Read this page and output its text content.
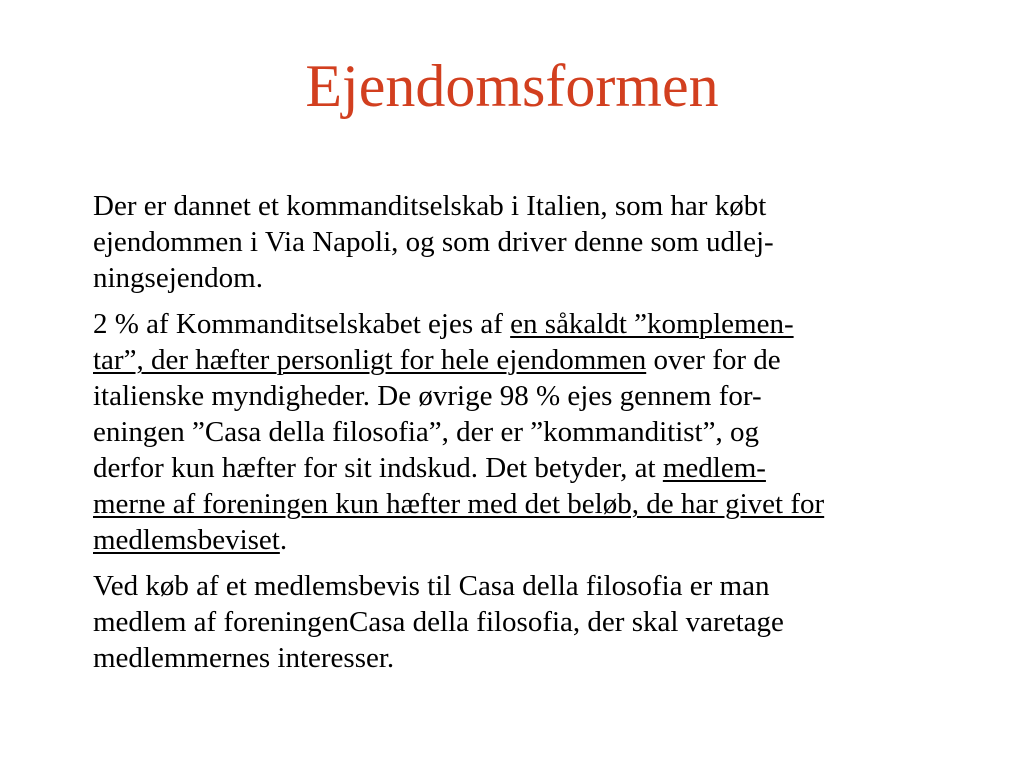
Ejendomsformen

Der er dannet et kommanditselskab i Italien, som har købt
ejendommen i Via Napoli, og som driver denne som udlej-
ningsejendom.

2 % af Kommanditselskabet ejes af en såkaldt ”komplemen-
tar”, der hæfter personligt for hele ejendommen over for de
italienske myndigheder. De øvrige 98 % ejes gennem for-
eningen ”Casa della filosofia”, der er ”kommanditist”, og
derfor kun hæfter for sit indskud. Det betyder, at medlem-
merne af foreningen kun hæfter med det beløb, de har givet for
medlemsbeviset.

Ved køb af et medlemsbevis til Casa della filosofia er man
medlem af foreningenCasa della filosofia, der skal varetage
medlemmernes interesser.
